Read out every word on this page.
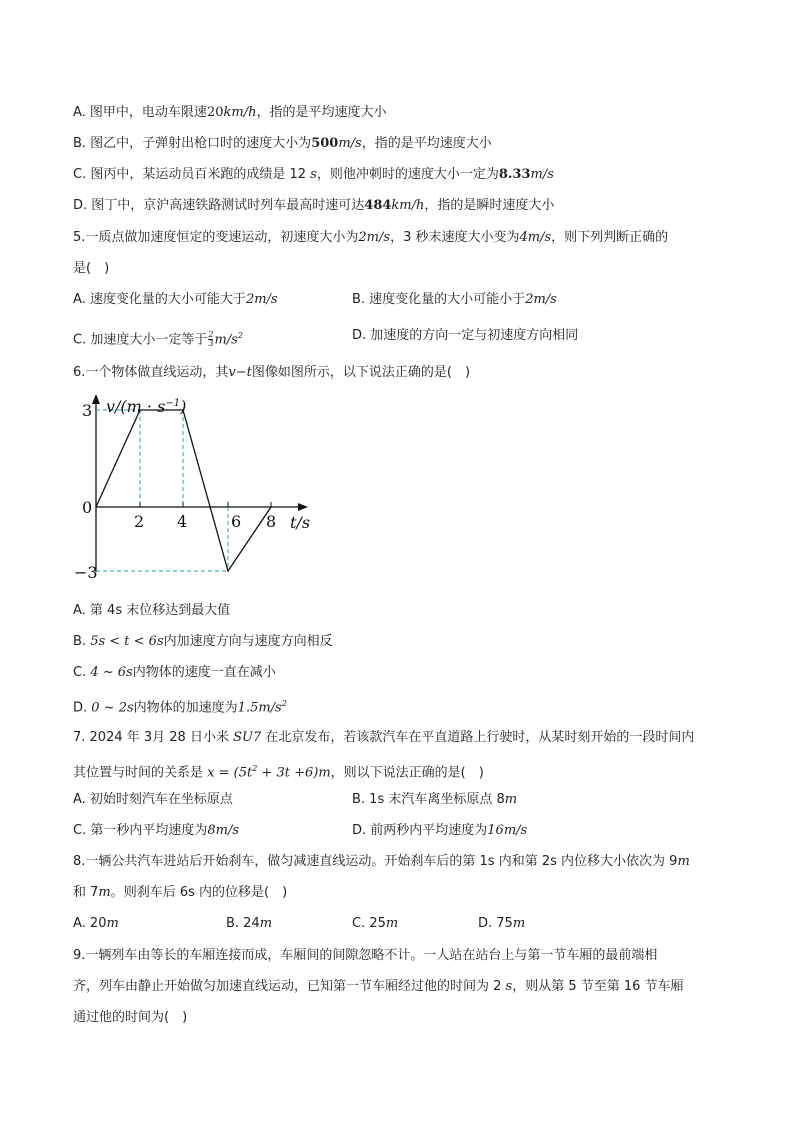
A. 图甲中，电动车限速20km/h，指的是平均速度大小
B. 图乙中，子弹射出枪口时的速度大小为500m/s，指的是平均速度大小
C. 图丙中，某运动员百米跑的成绩是 12 s，则他冲刺时的速度大小一定为8.33m/s
D. 图丁中，京沪高速铁路测试时列车最高时速可达484km/h，指的是瞬时速度大小
5.一质点做加速度恒定的变速运动，初速度大小为2m/s，3 秒末速度大小变为4m/s，则下列判断正确的
是(　)
A. 速度变化量的大小可能大于2m/s	B. 速度变化量的大小可能小于2m/s
C. 加速度大小一定等于 $\frac{2}{3} m/s^2$	D. 加速度的方向一定与初速度方向相同
6.一个物体做直线运动，其v−t图像如图所示，以下说法正确的是(　)
$v/(m \cdot s^{-1})$
3
−3
0
2 4	6 8 t/s
A. 第 4s 末位移达到最大值
B. 5s < t < 6s内加速度方向与速度方向相反
C. 4 ~ 6s内物体的速度一直在减小
D. 0 ~ 2s内物体的加速度为$1.5m/s^2$
7. 2024 年 3月 28 日小米 SU7 在北京发布，若该款汽车在平直道路上行驶时，从某时刻开始的一段时间内
其位置与时间的关系是 $x = (5t^2 + 3t +6)m$，则以下说法正确的是(　)
A. 初始时刻汽车在坐标原点	B. 1s 末汽车离坐标原点 8m
C. 第一秒内平均速度为8m/s	D. 前两秒内平均速度为16m/s
8.一辆公共汽车进站后开始刹车，做匀减速直线运动。开始刹车后的第 1s 内和第 2s 内位移大小依次为 9m
和 7m。则刹车后 6s 内的位移是(　)
A. 20m	B. 24m	C. 25m	D. 75m
9.一辆列车由等长的车厢连接而成，车厢间的间隙忽略不计。一人站在站台上与第一节车厢的最前端相
齐，列车由静止开始做匀加速直线运动，已知第一节车厢经过他的时间为 2 s，则从第 5 节至第 16 节车厢
通过他的时间为(　)
